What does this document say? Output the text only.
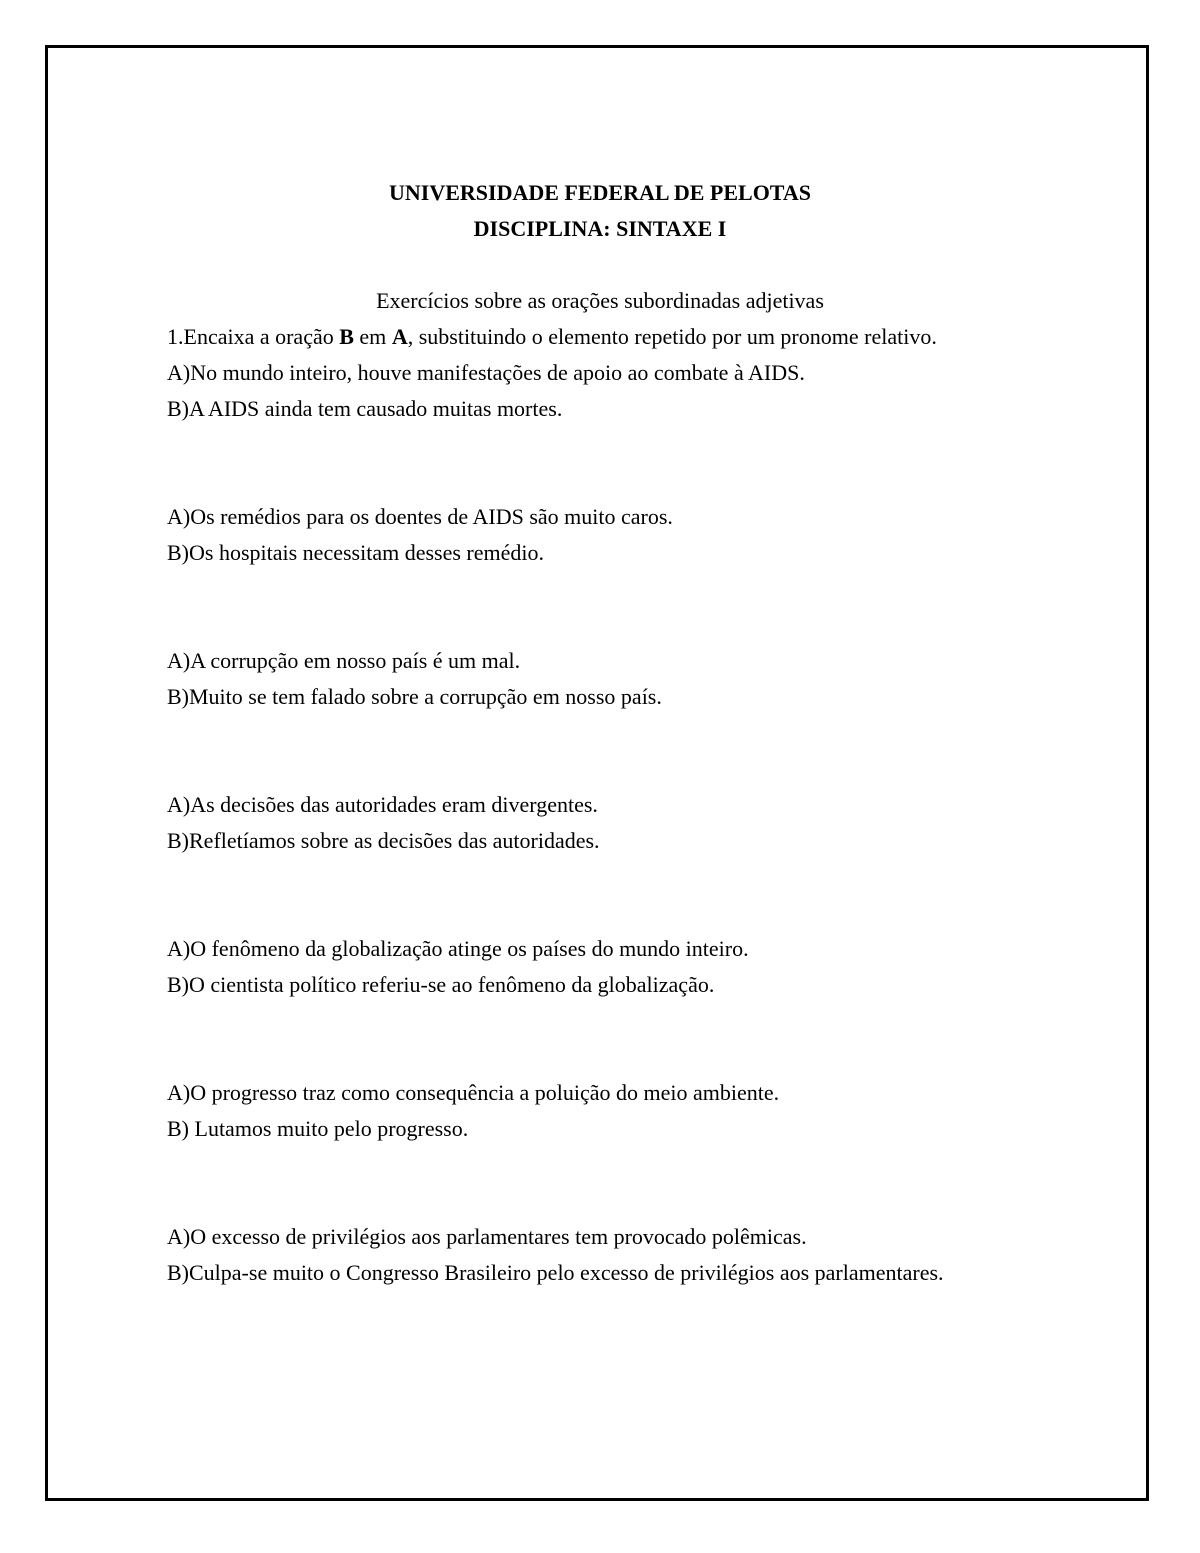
UNIVERSIDADE FEDERAL DE PELOTAS

DISCIPLINA: SINTAXE I

Exercícios sobre as orações subordinadas adjetivas

1.Encaixa a oração B em A, substituindo o elemento repetido por um pronome relativo.

A)No mundo inteiro, houve manifestações de apoio ao combate à AIDS.
B)A AIDS ainda tem causado muitas mortes.
A)Os remédios para os doentes de AIDS são muito caros.
B)Os hospitais necessitam desses remédio.
A)A corrupção em nosso país é um mal.
B)Muito se tem falado sobre a corrupção em nosso país.
A)As decisões das autoridades eram divergentes.
B)Refletíamos sobre as decisões das autoridades.
A)O fenômeno da globalização atinge os países do mundo inteiro.
B)O cientista político referiu-se ao fenômeno da globalização.
A)O progresso traz como consequência a poluição do meio ambiente.
B) Lutamos muito pelo progresso.
A)O excesso de privilégios aos parlamentares tem provocado polêmicas.
B)Culpa-se muito o Congresso Brasileiro pelo excesso de privilégios aos parlamentares.
